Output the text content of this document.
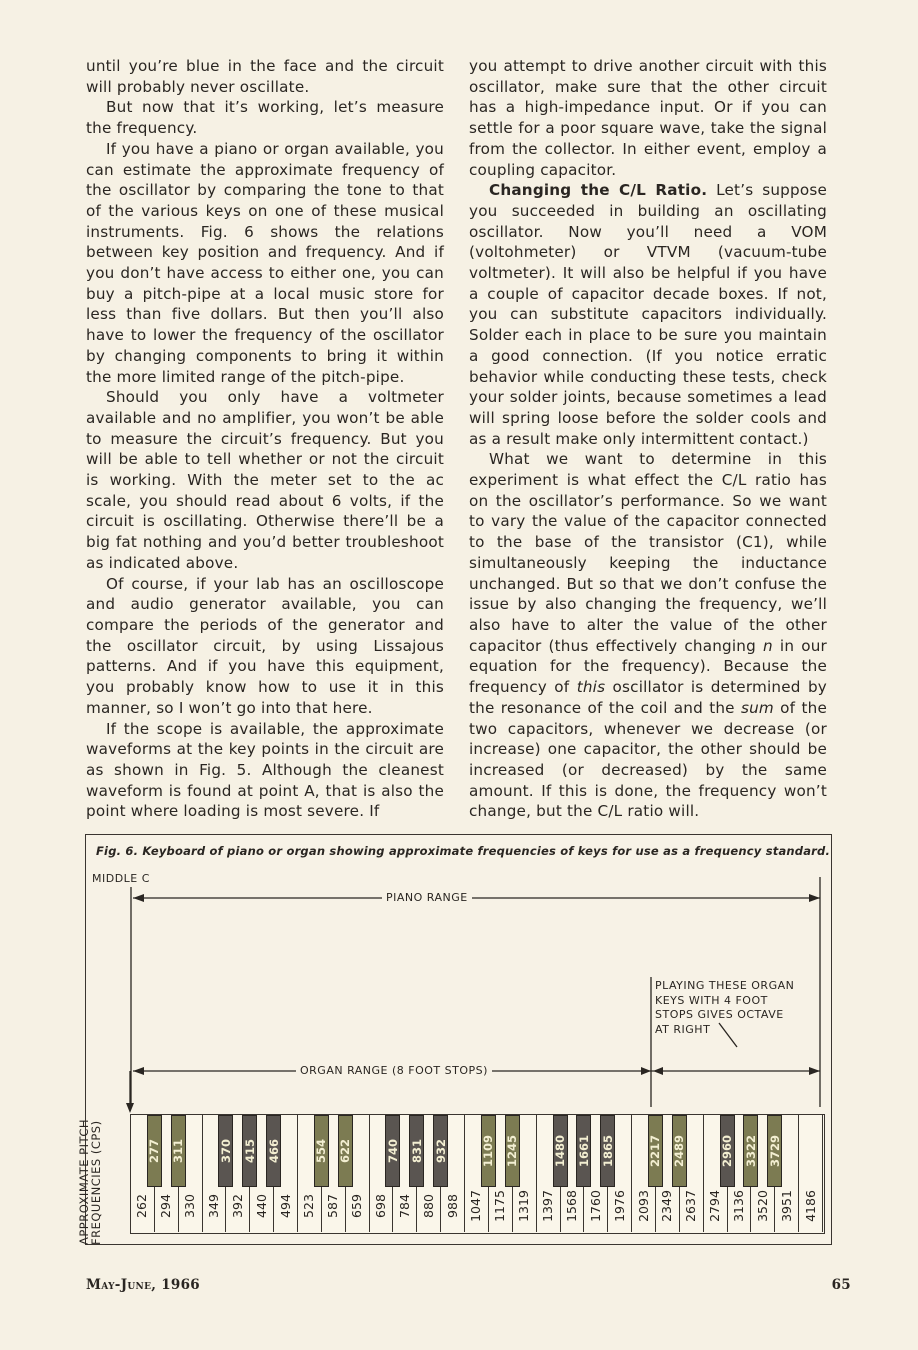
until you’re blue in the face and the circuit will probably never oscillate.

But now that it’s working, let’s measure the frequency.

If you have a piano or organ available, you can estimate the approximate frequency of the oscillator by comparing the tone to that of the various keys on one of these musical instruments. Fig. 6 shows the relations between key position and frequency. And if you don’t have access to either one, you can buy a pitch-pipe at a local music store for less than five dollars. But then you’ll also have to lower the frequency of the oscillator by changing components to bring it within the more limited range of the pitch-pipe.

Should you only have a voltmeter available and no amplifier, you won’t be able to measure the circuit’s frequency. But you will be able to tell whether or not the circuit is working. With the meter set to the ac scale, you should read about 6 volts, if the circuit is oscillating. Otherwise there’ll be a big fat nothing and you’d better troubleshoot as indicated above.

Of course, if your lab has an oscilloscope and audio generator available, you can compare the periods of the generator and the oscillator circuit, by using Lissajous patterns. And if you have this equipment, you probably know how to use it in this manner, so I won’t go into that here.

If the scope is available, the approximate waveforms at the key points in the circuit are as shown in Fig. 5. Although the cleanest waveform is found at point A, that is also the point where loading is most severe. If

you attempt to drive another circuit with this oscillator, make sure that the other circuit has a high-impedance input. Or if you can settle for a poor square wave, take the signal from the collector. In either event, employ a coupling capacitor.

Changing the C/L Ratio. Let’s suppose you succeeded in building an oscillating oscillator. Now you’ll need a VOM (voltohmeter) or VTVM (vacuum-tube voltmeter). It will also be helpful if you have a couple of capacitor decade boxes. If not, you can substitute capacitors individually. Solder each in place to be sure you maintain a good connection. (If you notice erratic behavior while conducting these tests, check your solder joints, because sometimes a lead will spring loose before the solder cools and as a result make only intermittent contact.)

What we want to determine in this experiment is what effect the C/L ratio has on the oscillator’s performance. So we want to vary the value of the capacitor connected to the base of the transistor (C1), while simultaneously keeping the inductance unchanged. But so that we don’t confuse the issue by also changing the frequency, we’ll also have to alter the value of the other capacitor (thus effectively changing n in our equation for the frequency). Because the frequency of this oscillator is determined by the resonance of the coil and the sum of the two capacitors, whenever we decrease (or increase) one capacitor, the other should be increased (or decreased) by the same amount. If this is done, the frequency won’t change, but the C/L ratio will.

Fig. 6. Keyboard of piano or organ showing approximate frequencies of keys for use as a frequency standard.
MIDDLE C
PIANO RANGE
ORGAN RANGE (8 FOOT STOPS)
PLAYING THESE ORGAN
KEYS WITH 4 FOOT
STOPS GIVES OCTAVE
AT RIGHT
APPROXIMATE PITCH
FREQUENCIES (CPS)	262 294 330 349 392 440 494 523 587 659 698 784 880 988 1047 1175 1319 1397 1568 1760 1976 2093 2349 2637 2794 3136 3520 3951 4186
277 311	370 415 466	554 622	740 831 932	1109 1245	1480 1661 1865	2217 2489	2960 3322 3729
May-June, 1966	65
